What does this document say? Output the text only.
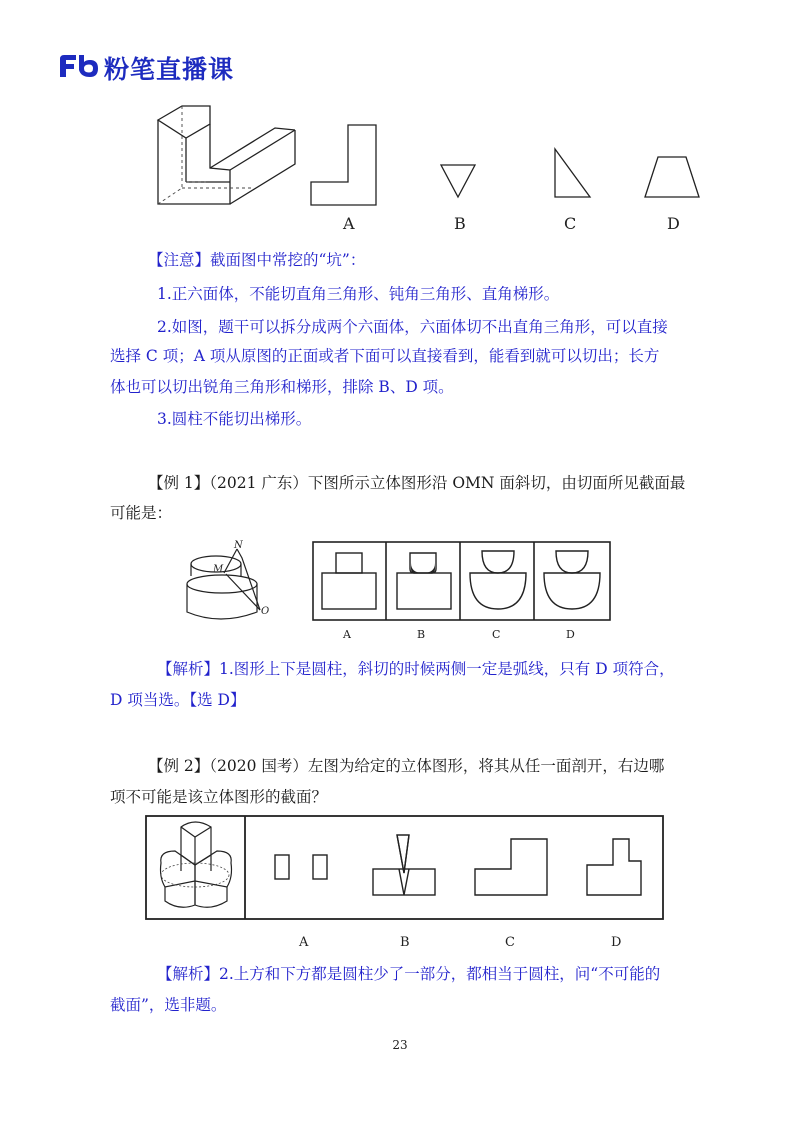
粉笔直播课
A	B	C	D
【注意】截面图中常挖的“坑”：
1.正六面体，不能切直角三角形、钝角三角形、直角梯形。
2.如图，题干可以拆分成两个六面体，六面体切不出直角三角形，可以直接
选择 C 项；A 项从原图的正面或者下面可以直接看到，能看到就可以切出；长方
体也可以切出锐角三角形和梯形，排除 B、D 项。
3.圆柱不能切出梯形。
【例 1】（2021 广东）下图所示立体图形沿 OMN 面斜切，由切面所见截面最
可能是：
N
M
O
A	B	C	D
【解析】1.图形上下是圆柱，斜切的时候两侧一定是弧线，只有 D 项符合，
D 项当选。【选 D】
【例 2】（2020 国考）左图为给定的立体图形，将其从任一面剖开，右边哪
项不可能是该立体图形的截面？
A	B	C	D
【解析】2.上方和下方都是圆柱少了一部分，都相当于圆柱，问“不可能的
截面”，选非题。
23
